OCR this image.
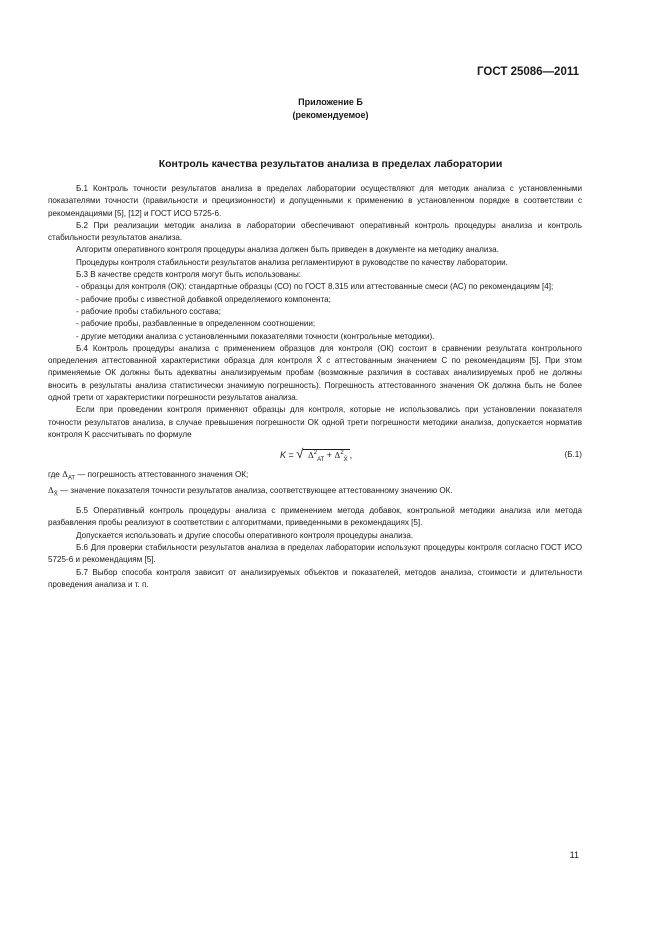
ГОСТ 25086—2011
Приложение Б
(рекомендуемое)
Контроль качества результатов анализа в пределах лаборатории

Б.1 Контроль точности результатов анализа в пределах лаборатории осуществляют для методик анализа с установленными показателями точности (правильности и прецизионности) и допущенными к применению в установленном порядке в соответствии с рекомендациями [5], [12] и ГОСТ ИСО 5725-6.

Б.2 При реализации методик анализа в лаборатории обеспечивают оперативный контроль процедуры анализа и контроль стабильности результатов анализа.

Алгоритм оперативного контроля процедуры анализа должен быть приведен в документе на методику анализа.

Процедуры контроля стабильности результатов анализа регламентируют в руководстве по качеству лаборатории.

Б.3 В качестве средств контроля могут быть использованы:

- образцы для контроля (ОК): стандартные образцы (СО) по ГОСТ 8.315 или аттестованные смеси (АС) по рекомендациям [4];

- рабочие пробы с известной добавкой определяемого компонента;

- рабочие пробы стабильного состава;

- рабочие пробы, разбавленные в определенном соотношении;

- другие методики анализа с установленными показателями точности (контрольные методики).

Б.4 Контроль процедуры анализа с применением образцов для контроля (ОК) состоит в сравнении результата контрольного определения аттестованной характеристики образца для контроля X̄ с аттестованным значением С по рекомендациям [5]. При этом применяемые ОК должны быть адекватны анализируемым пробам (возможные различия в составах анализируемых проб не должны вносить в результаты анализа статистически значимую погрешность). Погрешность аттестованного значения ОК должна быть не более одной трети от характеристики погрешности результатов анализа.

Если при проведении контроля применяют образцы для контроля, которые не использовались при установлении показателя точности результатов анализа, в случае превышения погрешности ОК одной трети погрешности методики анализа, допускается норматив контроля K рассчитывать по формуле

K = √ $\Delta^2_{АТ} + \Delta^2_{X̄}$ ,	(Б.1)

где $\Delta_{АТ}$ — погрешность аттестованного значения ОК;

$\Delta_{X̄}$ — значение показателя точности результатов анализа, соответствующее аттестованному значению ОК.

Б.5 Оперативный контроль процедуры анализа с применением метода добавок, контрольной методики анализа или метода разбавления пробы реализуют в соответствии с алгоритмами, приведенными в рекомендациях [5].

Допускается использовать и другие способы оперативного контроля процедуры анализа.

Б.6 Для проверки стабильности результатов анализа в пределах лаборатории используют процедуры контроля согласно ГОСТ ИСО 5725-6 и рекомендациям [5].

Б.7 Выбор способа контроля зависит от анализируемых объектов и показателей, методов анализа, стоимости и длительности проведения анализа и т. п.

11
